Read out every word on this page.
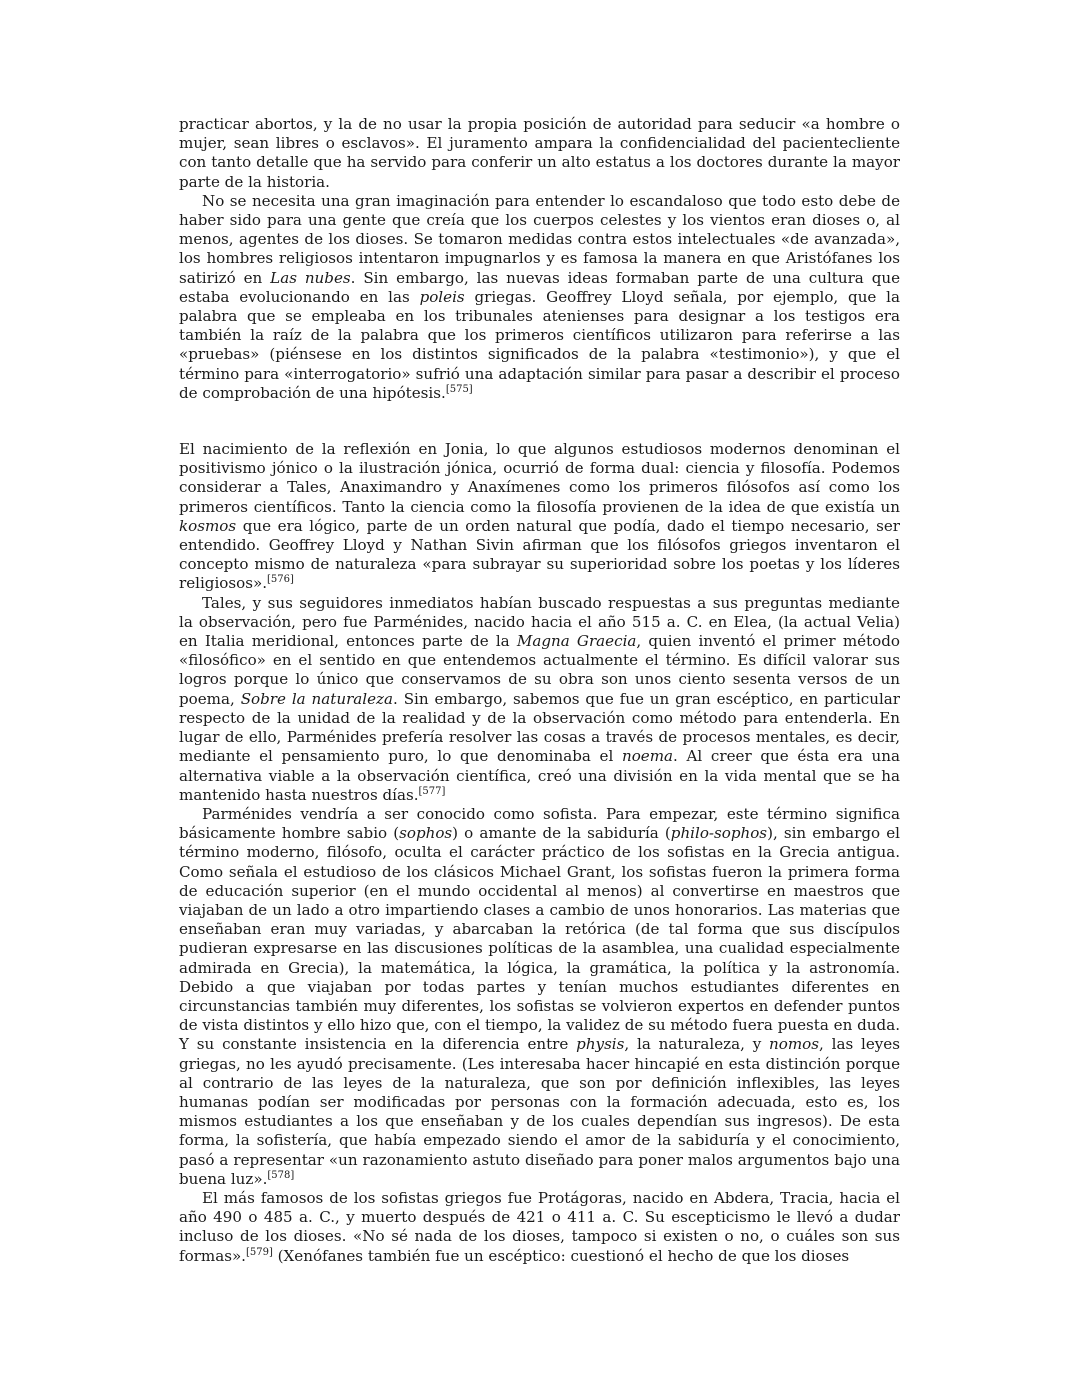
practicar abortos, y la de no usar la propia posición de autoridad para seducir «a hombre o mujer, sean libres o esclavos». El juramento ampara la confidencialidad del pacientecliente con tanto detalle que ha servido para conferir un alto estatus a los doctores durante la mayor parte de la historia.

No se necesita una gran imaginación para entender lo escandaloso que todo esto debe de haber sido para una gente que creía que los cuerpos celestes y los vientos eran dioses o, al menos, agentes de los dioses. Se tomaron medidas contra estos intelectuales «de avanzada», los hombres religiosos intentaron impugnarlos y es famosa la manera en que Aristófanes los satirizó en Las nubes. Sin embargo, las nuevas ideas formaban parte de una cultura que estaba evolucionando en las poleis griegas. Geoffrey Lloyd señala, por ejemplo, que la palabra que se empleaba en los tribunales atenienses para designar a los testigos era también la raíz de la palabra que los primeros científicos utilizaron para referirse a las «pruebas» (piénsese en los distintos significados de la palabra «testimonio»), y que el término para «interrogatorio» sufrió una adaptación similar para pasar a describir el proceso de comprobación de una hipótesis.[575]

El nacimiento de la reflexión en Jonia, lo que algunos estudiosos modernos denominan el positivismo jónico o la ilustración jónica, ocurrió de forma dual: ciencia y filosofía. Podemos considerar a Tales, Anaximandro y Anaxímenes como los primeros filósofos así como los primeros científicos. Tanto la ciencia como la filosofía provienen de la idea de que existía un kosmos que era lógico, parte de un orden natural que podía, dado el tiempo necesario, ser entendido. Geoffrey Lloyd y Nathan Sivin afirman que los filósofos griegos inventaron el concepto mismo de naturaleza «para subrayar su superioridad sobre los poetas y los líderes religiosos».[576]

Tales, y sus seguidores inmediatos habían buscado respuestas a sus preguntas mediante la observación, pero fue Parménides, nacido hacia el año 515 a. C. en Elea, (la actual Velia) en Italia meridional, entonces parte de la Magna Graecia, quien inventó el primer método «filosófico» en el sentido en que entendemos actualmente el término. Es difícil valorar sus logros porque lo único que conservamos de su obra son unos ciento sesenta versos de un poema, Sobre la naturaleza. Sin embargo, sabemos que fue un gran escéptico, en particular respecto de la unidad de la realidad y de la observación como método para entenderla. En lugar de ello, Parménides prefería resolver las cosas a través de procesos mentales, es decir, mediante el pensamiento puro, lo que denominaba el noema. Al creer que ésta era una alternativa viable a la observación científica, creó una división en la vida mental que se ha mantenido hasta nuestros días.[577]

Parménides vendría a ser conocido como sofista. Para empezar, este término significa básicamente hombre sabio (sophos) o amante de la sabiduría (philo-sophos), sin embargo el término moderno, filósofo, oculta el carácter práctico de los sofistas en la Grecia antigua. Como señala el estudioso de los clásicos Michael Grant, los sofistas fueron la primera forma de educación superior (en el mundo occidental al menos) al convertirse en maestros que viajaban de un lado a otro impartiendo clases a cambio de unos honorarios. Las materias que enseñaban eran muy variadas, y abarcaban la retórica (de tal forma que sus discípulos pudieran expresarse en las discusiones políticas de la asamblea, una cualidad especialmente admirada en Grecia), la matemática, la lógica, la gramática, la política y la astronomía. Debido a que viajaban por todas partes y tenían muchos estudiantes diferentes en circunstancias también muy diferentes, los sofistas se volvieron expertos en defender puntos de vista distintos y ello hizo que, con el tiempo, la validez de su método fuera puesta en duda. Y su constante insistencia en la diferencia entre physis, la naturaleza, y nomos, las leyes griegas, no les ayudó precisamente. (Les interesaba hacer hincapié en esta distinción porque al contrario de las leyes de la naturaleza, que son por definición inflexibles, las leyes humanas podían ser modificadas por personas con la formación adecuada, esto es, los mismos estudiantes a los que enseñaban y de los cuales dependían sus ingresos). De esta forma, la sofistería, que había empezado siendo el amor de la sabiduría y el conocimiento, pasó a representar «un razonamiento astuto diseñado para poner malos argumentos bajo una buena luz».[578]

El más famosos de los sofistas griegos fue Protágoras, nacido en Abdera, Tracia, hacia el año 490 o 485 a. C., y muerto después de 421 o 411 a. C. Su escepticismo le llevó a dudar incluso de los dioses. «No sé nada de los dioses, tampoco si existen o no, o cuáles son sus formas».[579] (Xenófanes también fue un escéptico: cuestionó el hecho de que los dioses
